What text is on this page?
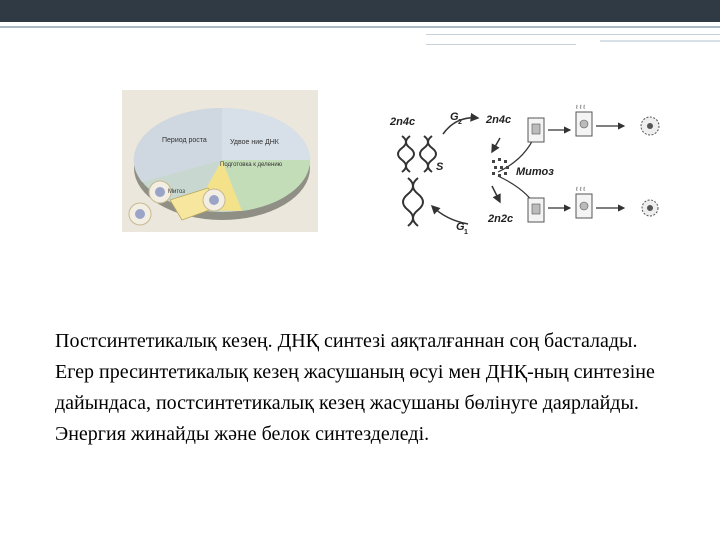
Период роста	Удвое ние ДНК
Подготовка к делению
Митоз
2n4c	G 2 2n4c
S	Митоз
G 1
2n2c
ℓ ℓ ℓ
ℓ ℓ ℓ

Постсинтетикалық кезең. ДНҚ синтезі аяқталғаннан соң басталады.

Егер пресинтетикалық кезең жасушаның өсуі мен ДНҚ-ның синтезіне дайындаса, постсинтетикалық кезең жасушаны бөлінуге даярлайды. Энергия жинайды және белок синтезделеді.
